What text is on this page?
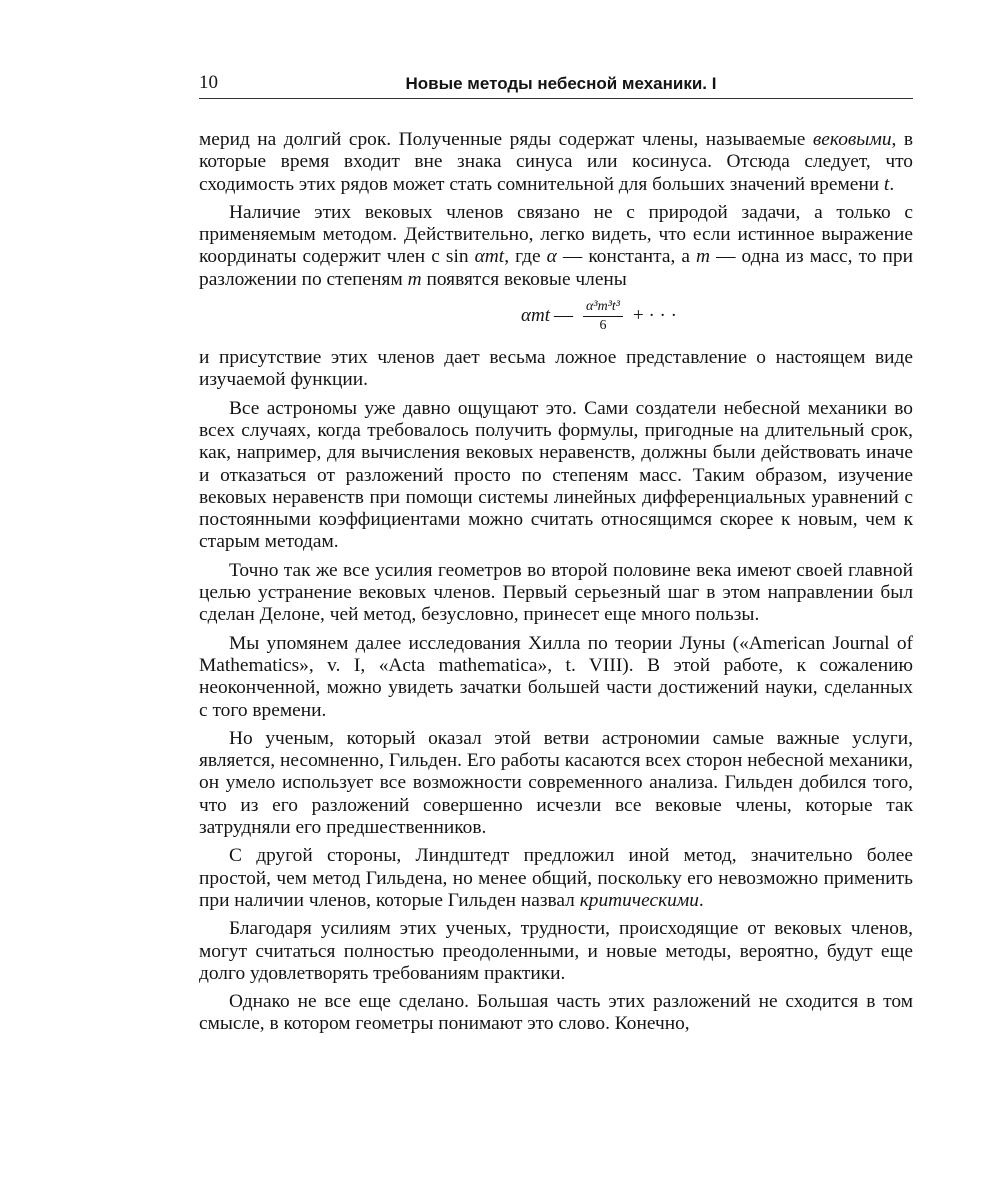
10	Новые методы небесной механики. I

мерид на долгий срок. Полученные ряды содержат члены, называемые вековыми, в которые время входит вне знака синуса или косинуса. Отсюда следует, что сходимость этих рядов может стать сомнительной для больших значений времени t.

Наличие этих вековых членов связано не с природой задачи, а только с применяемым методом. Действительно, легко видеть, что если истинное выражение координаты содержит член с sin αmt, где α — константа, а m — одна из масс, то при разложении по степеням m появятся вековые члены

αmt — $\frac{\text{α³m³t³}}{6}$ + · · ·

и присутствие этих членов дает весьма ложное представление о настоящем виде изучаемой функции.

Все астрономы уже давно ощущают это. Сами создатели небесной механики во всех случаях, когда требовалось получить формулы, пригодные на длительный срок, как, например, для вычисления вековых неравенств, должны были действовать иначе и отказаться от разложений просто по степеням масс. Таким образом, изучение вековых неравенств при помощи системы линейных дифференциальных уравнений с постоянными коэффициентами можно считать относящимся скорее к новым, чем к старым методам.

Точно так же все усилия геометров во второй половине века имеют своей главной целью устранение вековых членов. Первый серьезный шаг в этом направлении был сделан Делоне, чей метод, безусловно, принесет еще много пользы.

Мы упомянем далее исследования Хилла по теории Луны («American Journal of Mathematics», v. I, «Acta mathematica», t. VIII). В этой работе, к сожалению неоконченной, можно увидеть зачатки большей части достижений науки, сделанных с того времени.

Но ученым, который оказал этой ветви астрономии самые важные услуги, является, несомненно, Гильден. Его работы касаются всех сторон небесной механики, он умело использует все возможности современного анализа. Гильден добился того, что из его разложений совершенно исчезли все вековые члены, которые так затрудняли его предшественников.

С другой стороны, Линдштедт предложил иной метод, значительно более простой, чем метод Гильдена, но менее общий, поскольку его невозможно применить при наличии членов, которые Гильден назвал критическими.

Благодаря усилиям этих ученых, трудности, происходящие от вековых членов, могут считаться полностью преодоленными, и новые методы, вероятно, будут еще долго удовлетворять требованиям практики.

Однако не все еще сделано. Большая часть этих разложений не сходится в том смысле, в котором геометры понимают это слово. Конечно,
